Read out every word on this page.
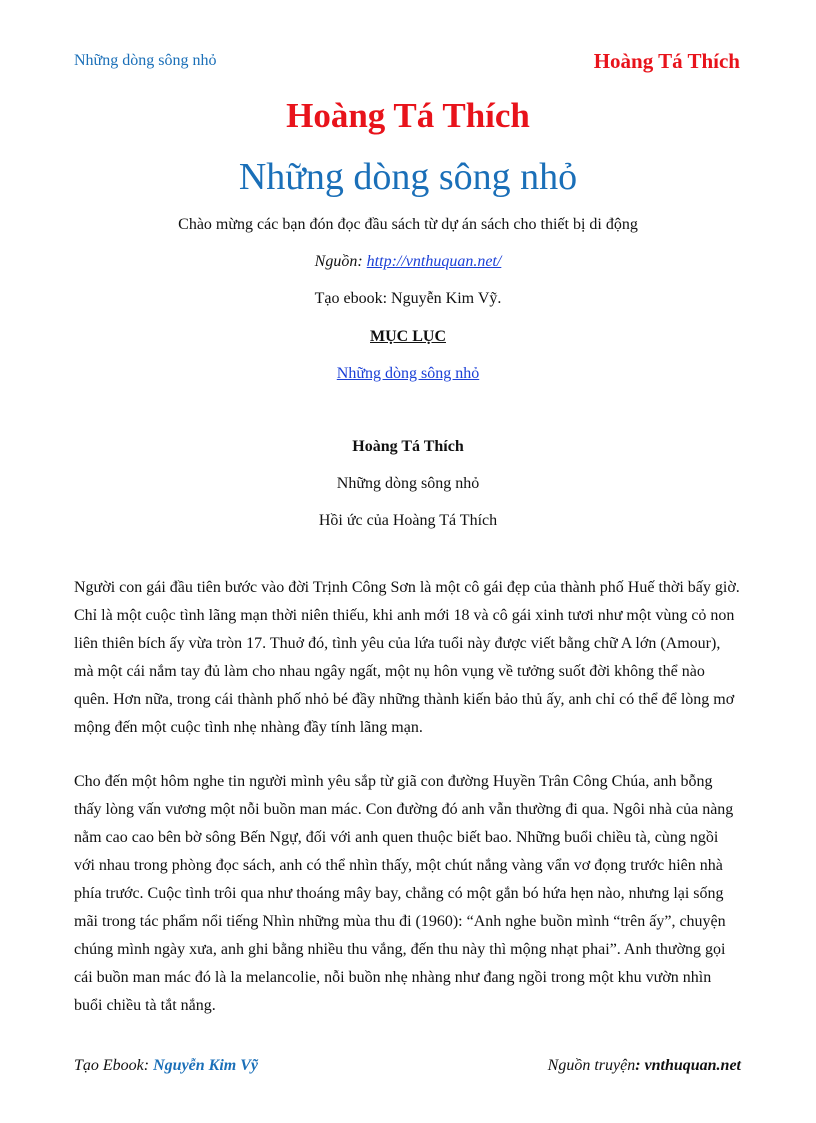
Những dòng sông nhỏ	Hoàng Tá Thích
Hoàng Tá Thích
Những dòng sông nhỏ
Chào mừng các bạn đón đọc đầu sách từ dự án sách cho thiết bị di động
Nguồn: http://vnthuquan.net/
Tạo ebook: Nguyễn Kim Vỹ.
MỤC LỤC
Những dòng sông nhỏ
Hoàng Tá Thích
Những dòng sông nhỏ
Hồi ức của Hoàng Tá Thích

Người con gái đầu tiên bước vào đời Trịnh Công Sơn là một cô gái đẹp của thành phố Huế thời bấy giờ. Chỉ là một cuộc tình lãng mạn thời niên thiếu, khi anh mới 18 và cô gái xinh tươi như một vùng cỏ non liên thiên bích ấy vừa tròn 17. Thuở đó, tình yêu của lứa tuổi này được viết bằng chữ A lớn (Amour), mà một cái nắm tay đủ làm cho nhau ngây ngất, một nụ hôn vụng về tưởng suốt đời không thể nào quên. Hơn nữa, trong cái thành phố nhỏ bé đầy những thành kiến bảo thủ ấy, anh chỉ có thể để lòng mơ mộng đến một cuộc tình nhẹ nhàng đầy tính lãng mạn.

Cho đến một hôm nghe tin người mình yêu sắp từ giã con đường Huyền Trân Công Chúa, anh bỗng thấy lòng vấn vương một nỗi buồn man mác. Con đường đó anh vẫn thường đi qua. Ngôi nhà của nàng nằm cao cao bên bờ sông Bến Ngự, đối với anh quen thuộc biết bao. Những buổi chiều tà, cùng ngồi với nhau trong phòng đọc sách, anh có thể nhìn thấy, một chút nắng vàng vẩn vơ đọng trước hiên nhà phía trước. Cuộc tình trôi qua như thoáng mây bay, chẳng có một gắn bó hứa hẹn nào, nhưng lại sống mãi trong tác phẩm nổi tiếng Nhìn những mùa thu đi (1960): “Anh nghe buồn mình “trên ấy”, chuyện chúng mình ngày xưa, anh ghi bằng nhiều thu vắng, đến thu này thì mộng nhạt phai”. Anh thường gọi cái buồn man mác đó là la melancolie, nỗi buồn nhẹ nhàng như đang ngồi trong một khu vườn nhìn buổi chiều tà tắt nắng.

Tạo Ebook: Nguyễn Kim Vỹ	Nguồn truyện: vnthuquan.net
